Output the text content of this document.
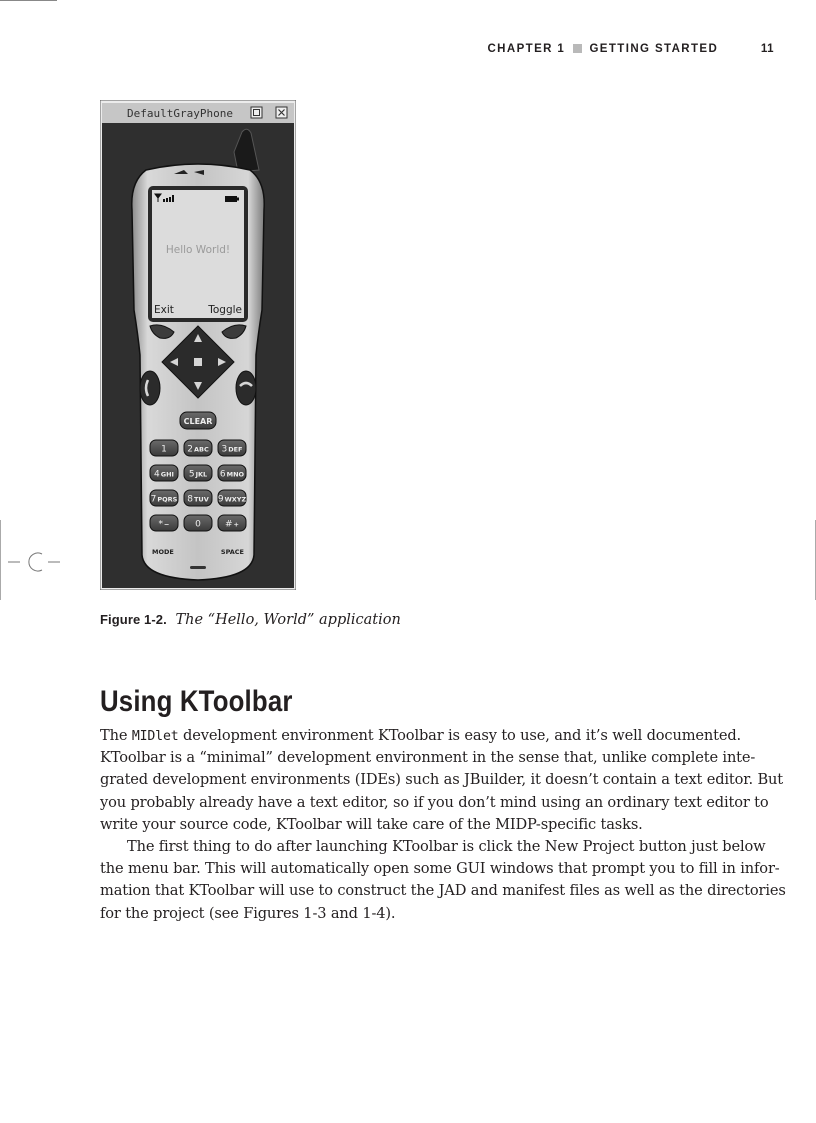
CHAPTER 1 GETTING STARTED	11
DefaultGrayPhone
Hello World!
Exit	Toggle
CLEAR
1 2ABC 3DEF
4GHI 5JKL 6MNO
7PQRS 8TUV 9WXYZ
*−	0	#+
MODE	SPACE
Figure 1-2. The “Hello, World” application
Using KToolbar
The MIDlet development environment KToolbar is easy to use, and it’s well documented.
KToolbar is a “minimal” development environment in the sense that, unlike complete inte-
grated development environments (IDEs) such as JBuilder, it doesn’t contain a text editor. But
you probably already have a text editor, so if you don’t mind using an ordinary text editor to
write your source code, KToolbar will take care of the MIDP-specific tasks.
The first thing to do after launching KToolbar is click the New Project button just below
the menu bar. This will automatically open some GUI windows that prompt you to fill in infor-
mation that KToolbar will use to construct the JAD and manifest files as well as the directories
for the project (see Figures 1-3 and 1-4).
